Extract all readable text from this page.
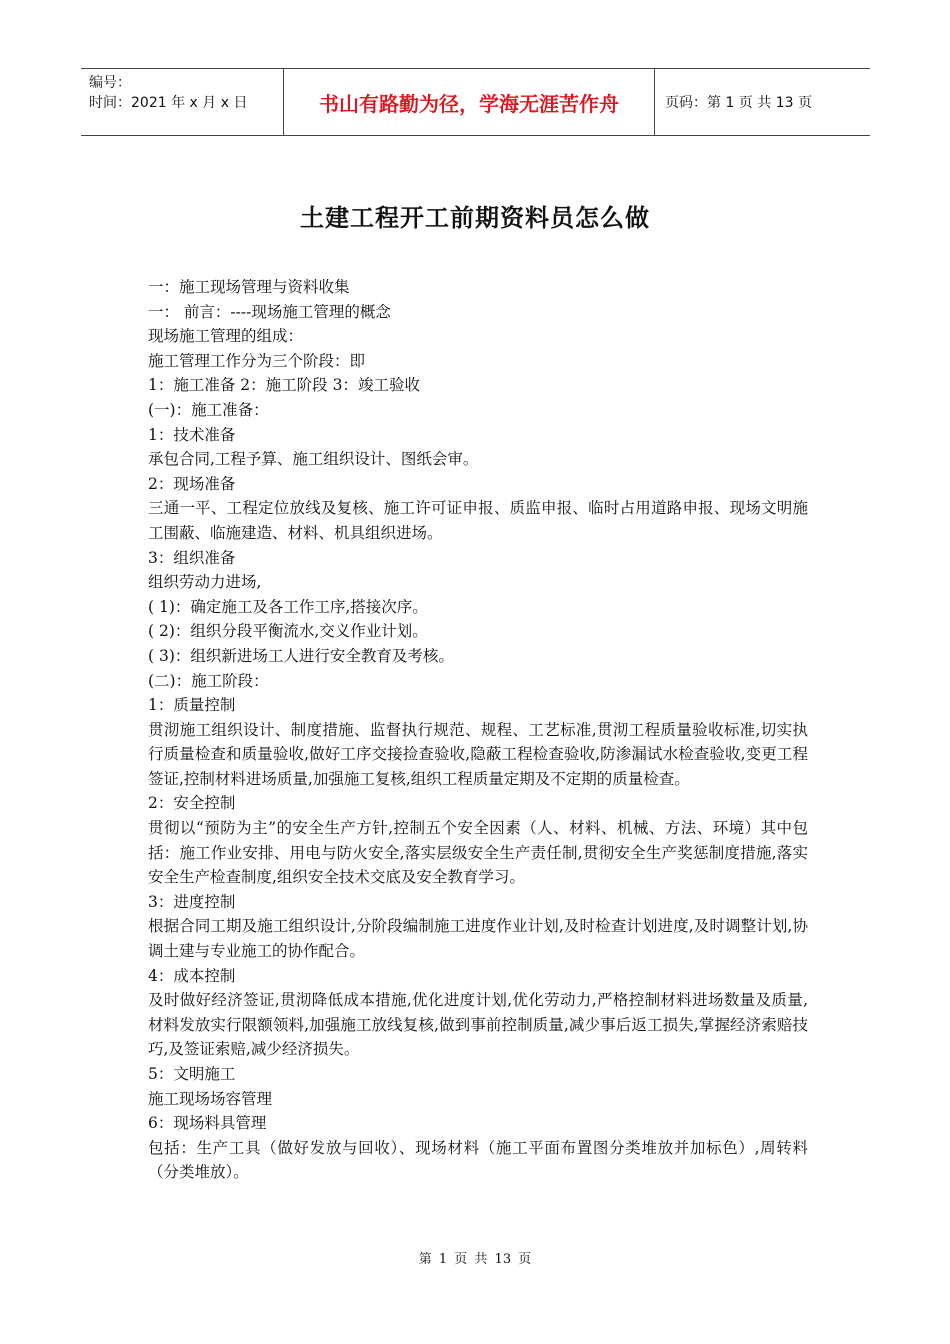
编号：
时间：2021 年 x 月 x 日	书山有路勤为径，学海无涯苦作舟	页码：第 1 页 共 13 页
土建工程开工前期资料员怎么做

一：施工现场管理与资料收集

一： 前言：----现场施工管理的概念

现场施工管理的组成：

施工管理工作分为三个阶段：即

1：施工准备 2：施工阶段 3：竣工验收

(一)：施工准备：

1：技术准备

承包合同,工程予算、施工组织设计、图纸会审。

2：现场准备

三通一平、工程定位放线及复核、施工许可证申报、质监申报、临时占用道路申报、现场文明施工围蔽、临施建造、材料、机具组织进场。

3：组织准备

组织劳动力进场,

( 1)：确定施工及各工作工序,搭接次序。

( 2)：组织分段平衡流水,交义作业计划。

( 3)：组织新进场工人进行安全教育及考核。

(二)：施工阶段：

1：质量控制

贯沏施工组织设计、制度措施、监督执行规范、规程、工艺标准,贯沏工程质量验收标准,切实执行质量检查和质量验收,做好工序交接捡查验收,隐蔽工程检查验收,防渗漏试水检查验收,变更工程签证,控制材料进场质量,加强施工复核,组织工程质量定期及不定期的质量检查。

2：安全控制

贯彻以“预防为主”的安全生产方针,控制五个安全因素（人、材料、机械、方法、环境）其中包括：施工作业安排、用电与防火安全,落实层级安全生产责任制,贯彻安全生产奖惩制度措施,落实安全生产检查制度,组织安全技术交底及安全教育学习。

3：进度控制

根据合同工期及施工组织设计,分阶段编制施工进度作业计划,及时检查计划进度,及时调整计划,协调土建与专业施工的协作配合。

4：成本控制

及时做好经济签证,贯沏降低成本措施,优化进度计划,优化劳动力,严格控制材料进场数量及质量,材料发放实行限额领料,加强施工放线复核,做到事前控制质量,减少事后返工损失,掌握经济索赔技巧,及签证索赔,减少经济损失。

5：文明施工

施工现场场容管理

6：现场料具管理

包括：生产工具（做好发放与回收）、现场材料（施工平面布置图分类堆放并加标色）,周转料（分类堆放）。

第 1 页 共 13 页
